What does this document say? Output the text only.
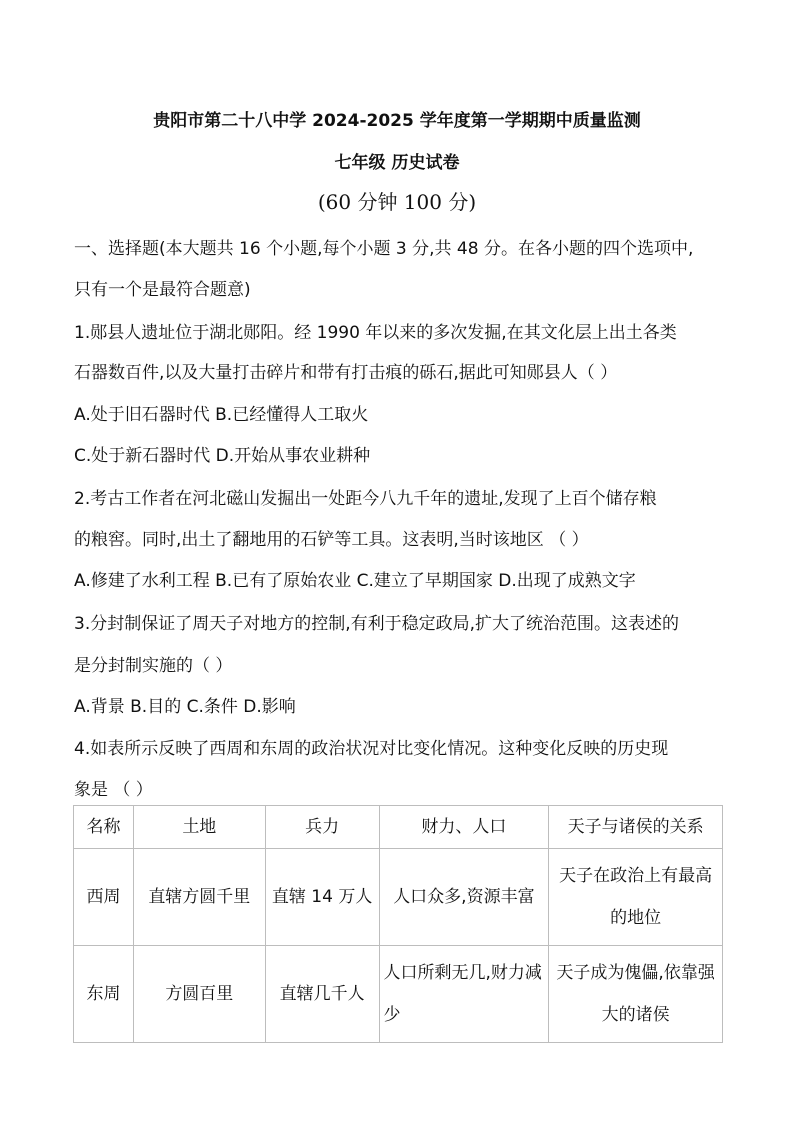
贵阳市第二十八中学 2024-2025 学年度第一学期期中质量监测
七年级 历史试卷
(60 分钟 100 分)
一、选择题(本大题共 16 个小题,每个小题 3 分,共 48 分。在各小题的四个选项中,
只有一个是最符合题意)
1.郧县人遗址位于湖北郧阳。经 1990 年以来的多次发掘,在其文化层上出土各类
石器数百件,以及大量打击碎片和带有打击痕的砾石,据此可知郧县人（ ）
A.处于旧石器时代 B.已经懂得人工取火
C.处于新石器时代 D.开始从事农业耕种
2.考古工作者在河北磁山发掘出一处距今八九千年的遗址,发现了上百个储存粮
的粮窖。同时,出土了翻地用的石铲等工具。这表明,当时该地区 （ ）
A.修建了水利工程 B.已有了原始农业 C.建立了早期国家 D.出现了成熟文字
3.分封制保证了周天子对地方的控制,有利于稳定政局,扩大了统治范围。这表述的
是分封制实施的（ ）
A.背景 B.目的 C.条件 D.影响
4.如表所示反映了西周和东周的政治状况对比变化情况。这种变化反映的历史现
象是 （ ）
名称	土地	兵力	财力、人口	天子与诸侯的关系
西周	直辖方圆千里	直辖 14 万人	人口众多,资源丰富	天子在政治上有最高的地位
东周	方圆百里	直辖几千人	人口所剩无几,财力减少	天子成为傀儡,依靠强大的诸侯
